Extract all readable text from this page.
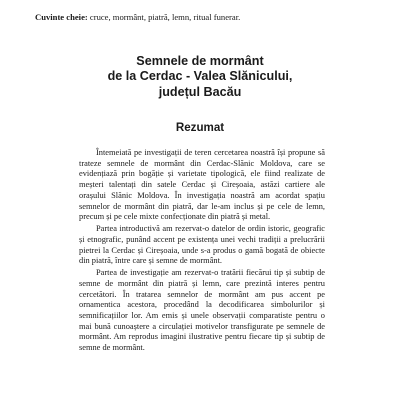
Cuvinte cheie: cruce, mormânt, piatră, lemn, ritual funerar.
Semnele de mormânt
de la Cerdac - Valea Slănicului,
județul Bacău
Rezumat

Întemeiată pe investigații de teren cercetarea noastră își propune să trateze semnele de mormânt din Cerdac-Slănic Moldova, care se evidențiază prin bogăție și varietate tipologică, ele fiind realizate de meșteri talentați din satele Cerdac și Cireșoaia, astăzi cartiere ale orașului Slănic Moldova. În investigația noastră am acordat spațiu semnelor de mormânt din piatră, dar le-am inclus și pe cele de lemn, precum și pe cele mixte confecționate din piatră și metal.

Partea introductivă am rezervat-o datelor de ordin istoric, geografic și etnografic, punând accent pe existența unei vechi tradiții a prelucrării pietrei la Cerdac și Cireșoaia, unde s-a produs o gamă bogată de obiecte din piatră, între care și semne de mormânt.

Partea de investigație am rezervat-o tratării fiecărui tip și subtip de semne de mormânt din piatră și lemn, care prezintă interes pentru cercetători. În tratarea semnelor de mormânt am pus accent pe ornamentica acestora, procedând la decodificarea simbolurilor și semnificațiilor lor. Am emis și unele observații comparatiste pentru o mai bună cunoaștere a circulației motivelor transfigurate pe semnele de mormânt. Am reprodus imagini ilustrative pentru fiecare tip și subtip de semne de mormânt.
